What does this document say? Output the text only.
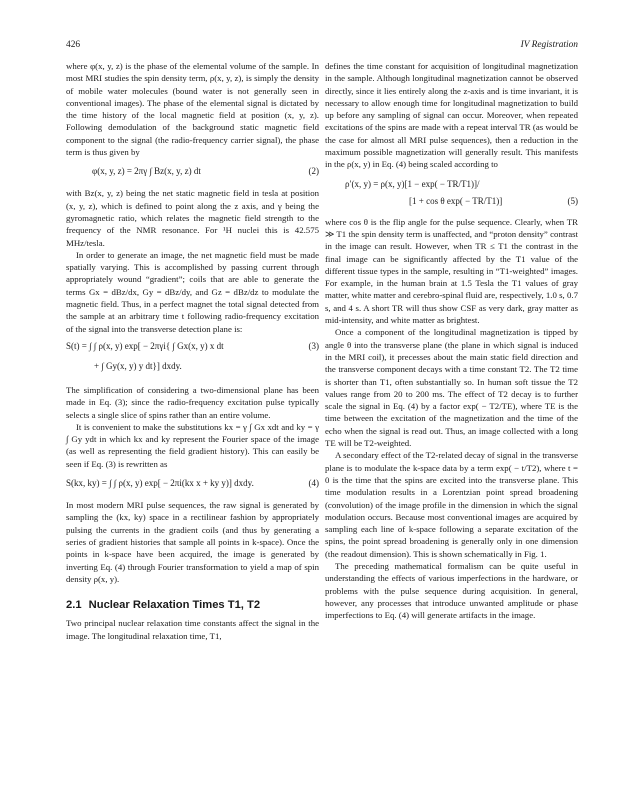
426	IV Registration

where φ(x, y, z) is the phase of the elemental volume of the sample. In most MRI studies the spin density term, ρ(x, y, z), is simply the density of mobile water molecules (bound water is not generally seen in conventional images). The phase of the elemental signal is dictated by the time history of the local magnetic field at position (x, y, z). Following demodulation of the background static magnetic field component to the signal (the radio-frequency carrier signal), the phase term is thus given by

φ(x, y, z) = 2πγ ∫ Bz(x, y, z) dt	(2)

with Bz(x, y, z) being the net static magnetic field in tesla at position (x, y, z), which is defined to point along the z axis, and γ being the gyromagnetic ratio, which relates the magnetic field strength to the frequency of the NMR resonance. For ¹H nuclei this is 42.575 MHz/tesla.

In order to generate an image, the net magnetic field must be made spatially varying. This is accomplished by passing current through appropriately wound “gradient”; coils that are able to generate the terms Gx = dBz/dx, Gy = dBz/dy, and Gz = dBz/dz to modulate the magnetic field. Thus, in a perfect magnet the total signal detected from the sample at an arbitrary time t following radio-frequency excitation of the signal into the transverse detection plane is:

S(t) = ∫ ∫ ρ(x, y) exp[ − 2πγi{ ∫ Gx(x, y) x dt	(3)
+ ∫ Gy(x, y) y dt}] dxdy.

The simplification of considering a two-dimensional plane has been made in Eq. (3); since the radio-frequency excitation pulse typically selects a single slice of spins rather than an entire volume.

It is convenient to make the substitutions kx = γ ∫ Gx xdt and ky = γ ∫ Gy ydt in which kx and ky represent the Fourier space of the image (as well as representing the field gradient history). This can easily be seen if Eq. (3) is rewritten as

S(kx, ky) = ∫ ∫ ρ(x, y) exp[ − 2πi(kx x + ky y)] dxdy.	(4)

In most modern MRI pulse sequences, the raw signal is generated by sampling the (kx, ky) space in a rectilinear fashion by appropriately pulsing the currents in the gradient coils (and thus by generating a series of gradient histories that sample all points in k-space). Once the points in k-space have been acquired, the image is generated by inverting Eq. (4) through Fourier transformation to yield a map of spin density ρ(x, y).

2.1 Nuclear Relaxation Times T1, T2

Two principal nuclear relaxation time constants affect the signal in the image. The longitudinal relaxation time, T1,

defines the time constant for acquisition of longitudinal magnetization in the sample. Although longitudinal magnetization cannot be observed directly, since it lies entirely along the z-axis and is time invariant, it is necessary to allow enough time for longitudinal magnetization to build up before any sampling of signal can occur. Moreover, when repeated excitations of the spins are made with a repeat interval TR (as would be the case for almost all MRI pulse sequences), then a reduction in the maximum possible magnetization will generally result. This manifests in the ρ(x, y) in Eq. (4) being scaled according to

ρ′(x, y) = ρ(x, y)[1 − exp( − TR/T1)]/
[1 + cos θ exp( − TR/T1)]	(5)

where cos θ is the flip angle for the pulse sequence. Clearly, when TR ≫ T1 the spin density term is unaffected, and “proton density” contrast in the image can result. However, when TR ≤ T1 the contrast in the final image can be significantly affected by the T1 value of the different tissue types in the sample, resulting in “T1-weighted” images. For example, in the human brain at 1.5 Tesla the T1 values of gray matter, white matter and cerebro-spinal fluid are, respectively, 1.0 s, 0.7 s, and 4 s. A short TR will thus show CSF as very dark, gray matter as mid-intensity, and white matter as brightest.

Once a component of the longitudinal magnetization is tipped by angle θ into the transverse plane (the plane in which signal is induced in the MRI coil), it precesses about the main static field direction and the transverse component decays with a time constant T2. The T2 time is shorter than T1, often substantially so. In human soft tissue the T2 values range from 20 to 200 ms. The effect of T2 decay is to further scale the signal in Eq. (4) by a factor exp( − T2/TE), where TE is the time between the excitation of the magnetization and the time of the echo when the signal is read out. Thus, an image collected with a long TE will be T2-weighted.

A secondary effect of the T2-related decay of signal in the transverse plane is to modulate the k-space data by a term exp( − t/T2), where t = 0 is the time that the spins are excited into the transverse plane. This time modulation results in a Lorentzian point spread broadening (convolution) of the image profile in the dimension in which the signal modulation occurs. Because most conventional images are acquired by sampling each line of k-space following a separate excitation of the spins, the point spread broadening is generally only in one dimension (the readout dimension). This is shown schematically in Fig. 1.

The preceding mathematical formalism can be quite useful in understanding the effects of various imperfections in the hardware, or problems with the pulse sequence during acquisition. In general, however, any processes that introduce unwanted amplitude or phase imperfections to Eq. (4) will generate artifacts in the image.
